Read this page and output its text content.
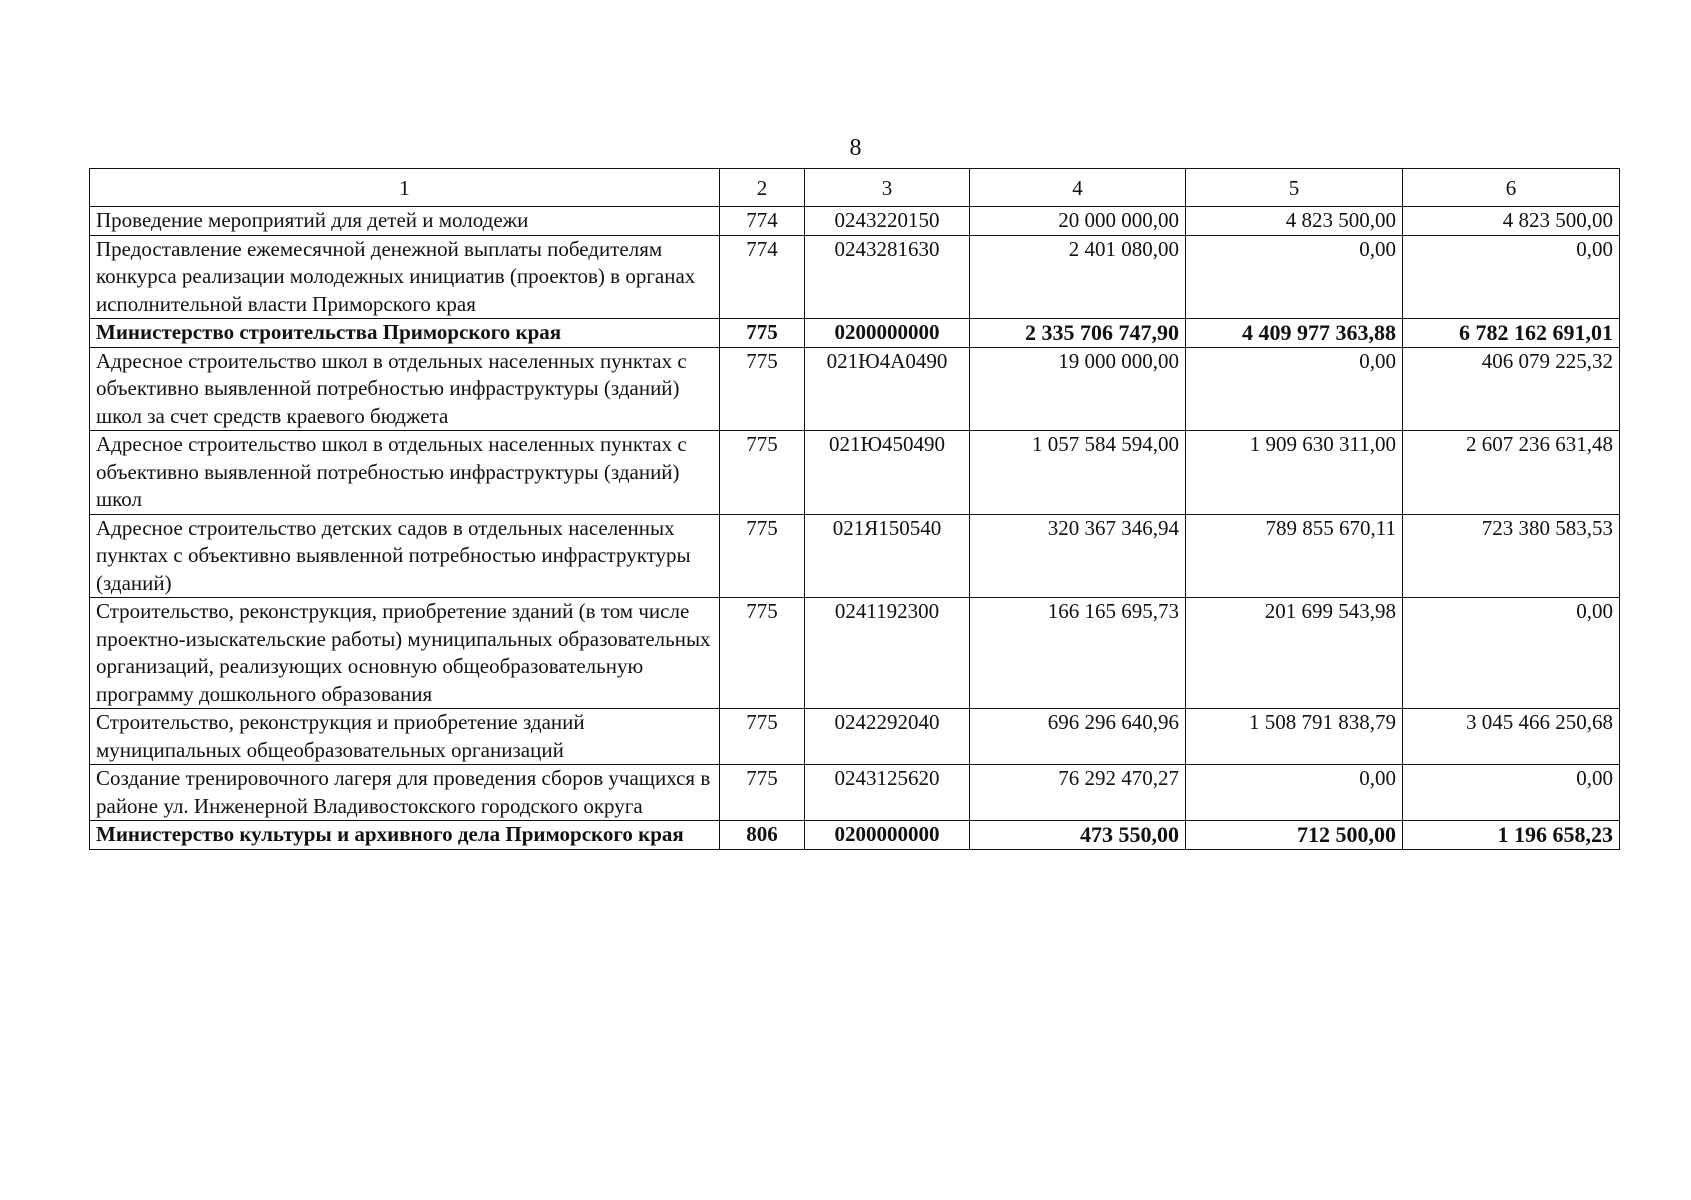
8
1	2	3	4	5	6
Проведение мероприятий для детей и молодежи	774	0243220150	20 000 000,00	4 823 500,00	4 823 500,00
Предоставление ежемесячной денежной выплаты победителям конкурса реализации молодежных инициатив (проектов) в органах исполнительной власти Приморского края	774	0243281630	2 401 080,00	0,00	0,00
Министерство строительства Приморского края	775	0200000000	2 335 706 747,90	4 409 977 363,88	6 782 162 691,01
Адресное строительство школ в отдельных населенных пунктах с объективно выявленной потребностью инфраструктуры (зданий) школ за счет средств краевого бюджета	775	021Ю4А0490	19 000 000,00	0,00	406 079 225,32
Адресное строительство школ в отдельных населенных пунктах с объективно выявленной потребностью инфраструктуры (зданий) школ	775	021Ю450490	1 057 584 594,00	1 909 630 311,00	2 607 236 631,48
Адресное строительство детских садов в отдельных населенных пунктах с объективно выявленной потребностью инфраструктуры (зданий)	775	021Я150540	320 367 346,94	789 855 670,11	723 380 583,53
Строительство, реконструкция, приобретение зданий (в том числе проектно-изыскательские работы) муниципальных образовательных организаций, реализующих основную общеобразовательную программу дошкольного образования	775	0241192300	166 165 695,73	201 699 543,98	0,00
Строительство, реконструкция и приобретение зданий муниципальных общеобразовательных организаций	775	0242292040	696 296 640,96	1 508 791 838,79	3 045 466 250,68
Создание тренировочного лагеря для проведения сборов учащихся в районе ул. Инженерной Владивостокского городского округа	775	0243125620	76 292 470,27	0,00	0,00
Министерство культуры и архивного дела Приморского края	806	0200000000	473 550,00	712 500,00	1 196 658,23
